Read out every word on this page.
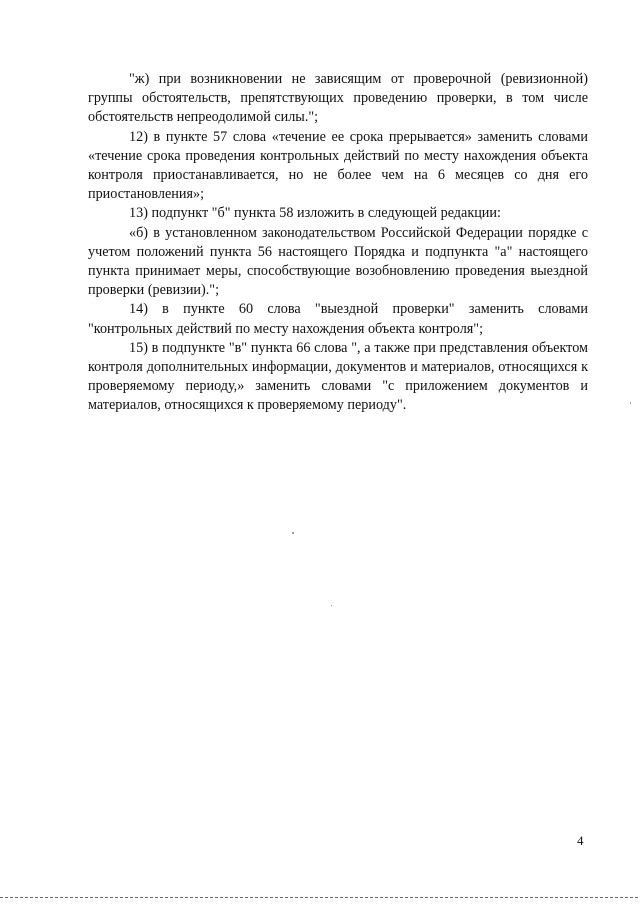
"ж) при возникновении не зависящим от проверочной (ревизионной) группы обстоятельств, препятствующих проведению проверки, в том числе обстоятельств непреодолимой силы.";

12) в пункте 57 слова «течение ее срока прерывается» заменить словами «течение срока проведения контрольных действий по месту нахождения объекта контроля приостанавливается, но не более чем на 6 месяцев со дня его приостановления»;

13) подпункт "б" пункта 58 изложить в следующей редакции:

«б) в установленном законодательством Российской Федерации порядке с учетом положений пункта 56 настоящего Порядка и подпункта "а" настоящего пункта принимает меры, способствующие возобновлению проведения выездной проверки (ревизии).";

14) в пункте 60 слова "выездной проверки" заменить словами "контрольных действий по месту нахождения объекта контроля";

15) в подпункте "в" пункта 66 слова ", а также при представления объектом контроля дополнительных информации, документов и материалов, относящихся к проверяемому периоду,» заменить словами "с приложением документов и материалов, относящихся к проверяемому периоду".

4
